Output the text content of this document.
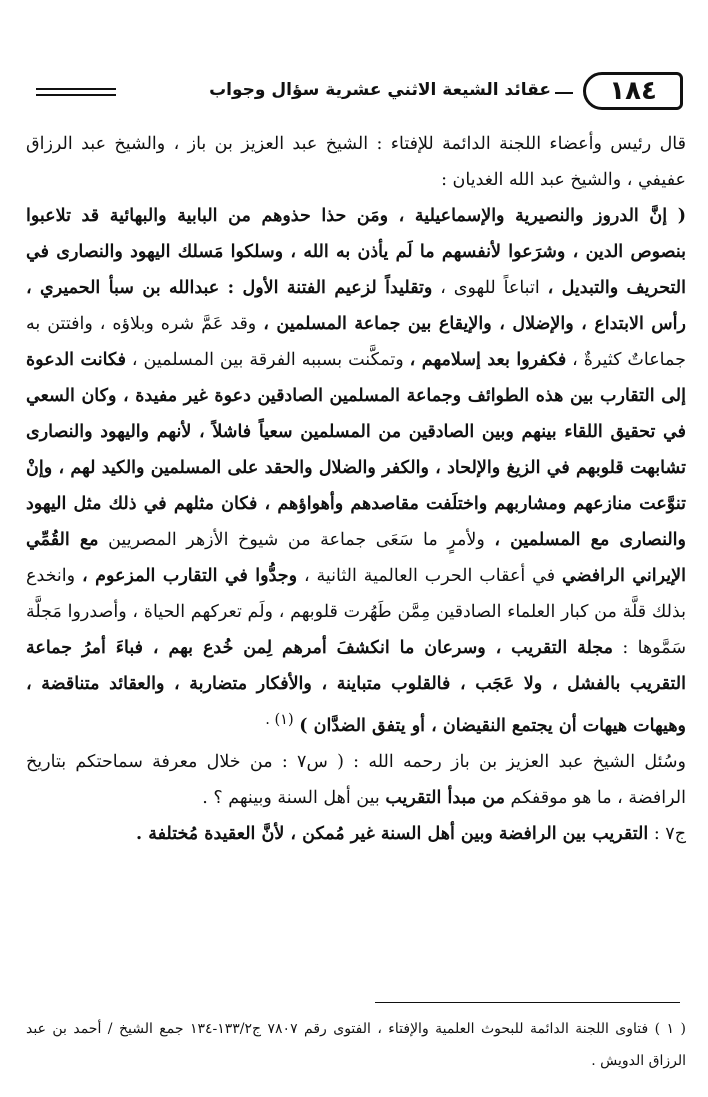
١٨٤
عقائد الشيعة الاثني عشرية سؤال وجواب

قال رئيس وأعضاء اللجنة الدائمة للإفتاء : الشيخ عبد العزيز بن باز ، والشيخ عبد الرزاق عفيفي ، والشيخ عبد الله الغديان :

( إنَّ الدروز والنصيرية والإسماعيلية ، ومَن حذا حذوهم من البابية والبهائية قد تلاعبوا بنصوص الدين ، وشرَعوا لأنفسهم ما لَم يأذن به الله ، وسلكوا مَسلك اليهود والنصارى في التحريف والتبديل ، اتباعاً للهوى ، وتقليداً لزعيم الفتنة الأول : عبدالله بن سبأ الحميري ، رأس الابتداع ، والإضلال ، والإيقاع بين جماعة المسلمين ، وقد عَمَّ شره وبلاؤه ، وافتتن به جماعاتٌ كثيرةٌ ، فكفروا بعد إسلامهم ، وتمكَّنت بسببه الفرقة بين المسلمين ، فكانت الدعوة إلى التقارب بين هذه الطوائف وجماعة المسلمين الصادقين دعوة غير مفيدة ، وكان السعي في تحقيق اللقاء بينهم وبين الصادقين من المسلمين سعياً فاشلاً ، لأنهم واليهود والنصارى تشابهت قلوبهم في الزيغ والإلحاد ، والكفر والضلال والحقد على المسلمين والكيد لهم ، وإنْ تنوَّعت منازعهم ومشاربهم واختلَفت مقاصدهم وأهواؤهم ، فكان مثلهم في ذلك مثل اليهود والنصارى مع المسلمين ، ولأمرٍ ما سَعَى جماعة من شيوخ الأزهر المصريين مع القُمِّي الإيراني الرافضي في أعقاب الحرب العالمية الثانية ، وجدُّوا في التقارب المزعوم ، وانخدع بذلك قلَّة من كبار العلماء الصادقين مِمَّن طَهُرت قلوبهم ، ولَم تعركهم الحياة ، وأصدروا مَجلَّة سَمَّوها : مجلة التقريب ، وسرعان ما انكشفَ أمرهم لِمن خُدع بهم ، فباءَ أمرُ جماعة التقريب بالفشل ، ولا عَجَب ، فالقلوب متباينة ، والأفكار متضاربة ، والعقائد متناقضة ، وهيهات هيهات أن يجتمع النقيضان ، أو يتفق الضدَّان ) $^{(١) .}$

وسُئل الشيخ عبد العزيز بن باز رحمه الله : ( س٧ : من خلال معرفة سماحتكم بتاريخ الرافضة ، ما هو موقفكم من مبدأ التقريب بين أهل السنة وبينهم ؟ .

ج٧ : التقريب بين الرافضة وبين أهل السنة غير مُمكن ، لأنَّ العقيدة مُختلفة .

( ١ ) فتاوى اللجنة الدائمة للبحوث العلمية والإفتاء ، الفتوى رقم ٧٨٠٧ ج١٣٣/٢-١٣٤ جمع الشيخ / أحمد بن عبد الرزاق الدويش .
